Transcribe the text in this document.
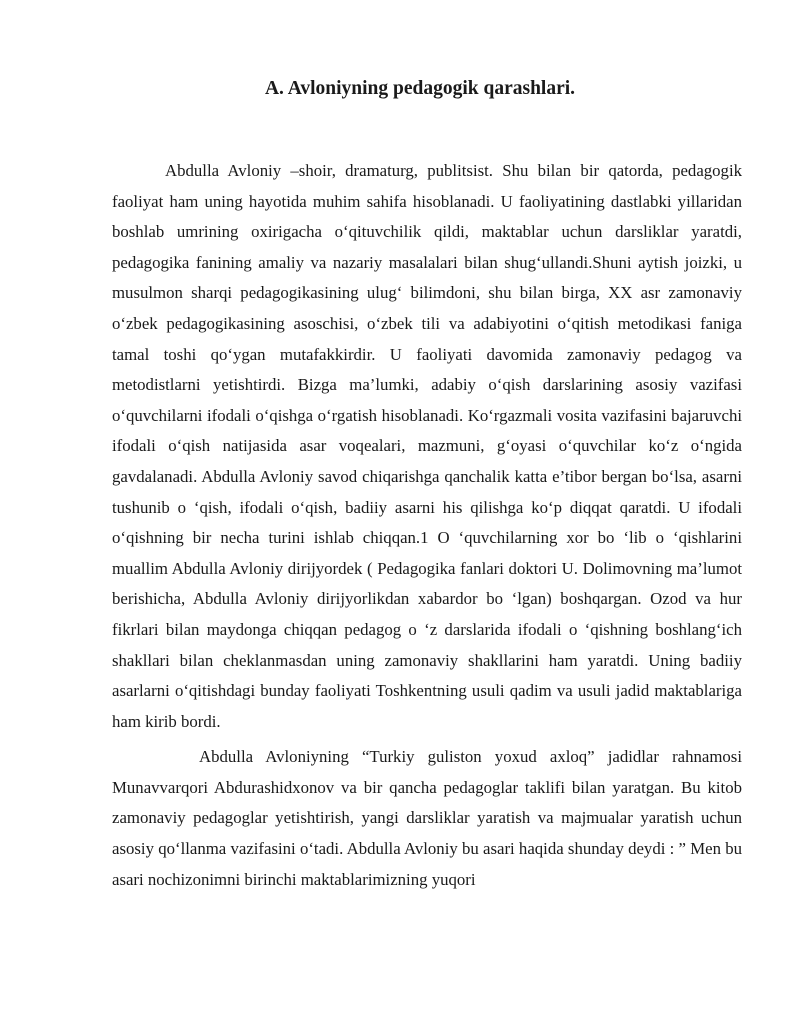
A. Avloniyning pedagogik qarashlari.

Abdulla Avloniy –shoir, dramaturg, publitsist. Shu bilan bir qatorda, pedagogik faoliyat ham uning hayotida muhim sahifa hisoblanadi. U faoliyatining dastlabki yillaridan boshlab umrining oxirigacha o‘qituvchilik qildi, maktablar uchun darsliklar yaratdi, pedagogika fanining amaliy va nazariy masalalari bilan shug‘ullandi.Shuni aytish joizki, u musulmon sharqi pedagogikasining ulug‘ bilimdoni, shu bilan birga, XX asr zamonaviy o‘zbek pedagogikasining asoschisi, o‘zbek tili va adabiyotini o‘qitish metodikasi faniga tamal toshi qo‘ygan mutafakkirdir. U faoliyati davomida zamonaviy pedagog va metodistlarni yetishtirdi. Bizga ma’lumki, adabiy o‘qish darslarining asosiy vazifasi o‘quvchilarni ifodali o‘qishga o‘rgatish hisoblanadi. Ko‘rgazmali vosita vazifasini bajaruvchi ifodali o‘qish natijasida asar voqealari, mazmuni, g‘oyasi o‘quvchilar ko‘z o‘ngida gavdalanadi. Abdulla Avloniy savod chiqarishga qanchalik katta e’tibor bergan bo‘lsa, asarni tushunib o ‘qish, ifodali o‘qish, badiiy asarni his qilishga ko‘p diqqat qaratdi. U ifodali o‘qishning bir necha turini ishlab chiqqan.1 O ‘quvchilarning xor bo ‘lib o ‘qishlarini muallim Abdulla Avloniy dirijyordek ( Pedagogika fanlari doktori U. Dolimovning ma’lumot berishicha, Abdulla Avloniy dirijyorlikdan xabardor bo ‘lgan) boshqargan. Ozod va hur fikrlari bilan maydonga chiqqan pedagog o ‘z darslarida ifodali o ‘qishning boshlang‘ich shakllari bilan cheklanmasdan uning zamonaviy shakllarini ham yaratdi. Uning badiiy asarlarni o‘qitishdagi bunday faoliyati Toshkentning usuli qadim va usuli jadid maktablariga ham kirib bordi.

Abdulla Avloniyning “Turkiy guliston yoxud axloq” jadidlar rahnamosi Munavvarqori Abdurashidxonov va bir qancha pedagoglar taklifi bilan yaratgan. Bu kitob zamonaviy pedagoglar yetishtirish, yangi darsliklar yaratish va majmualar yaratish uchun asosiy qo‘llanma vazifasini o‘tadi. Abdulla Avloniy bu asari haqida shunday deydi : ” Men bu asari nochizonimni birinchi maktablarimizning yuqori
